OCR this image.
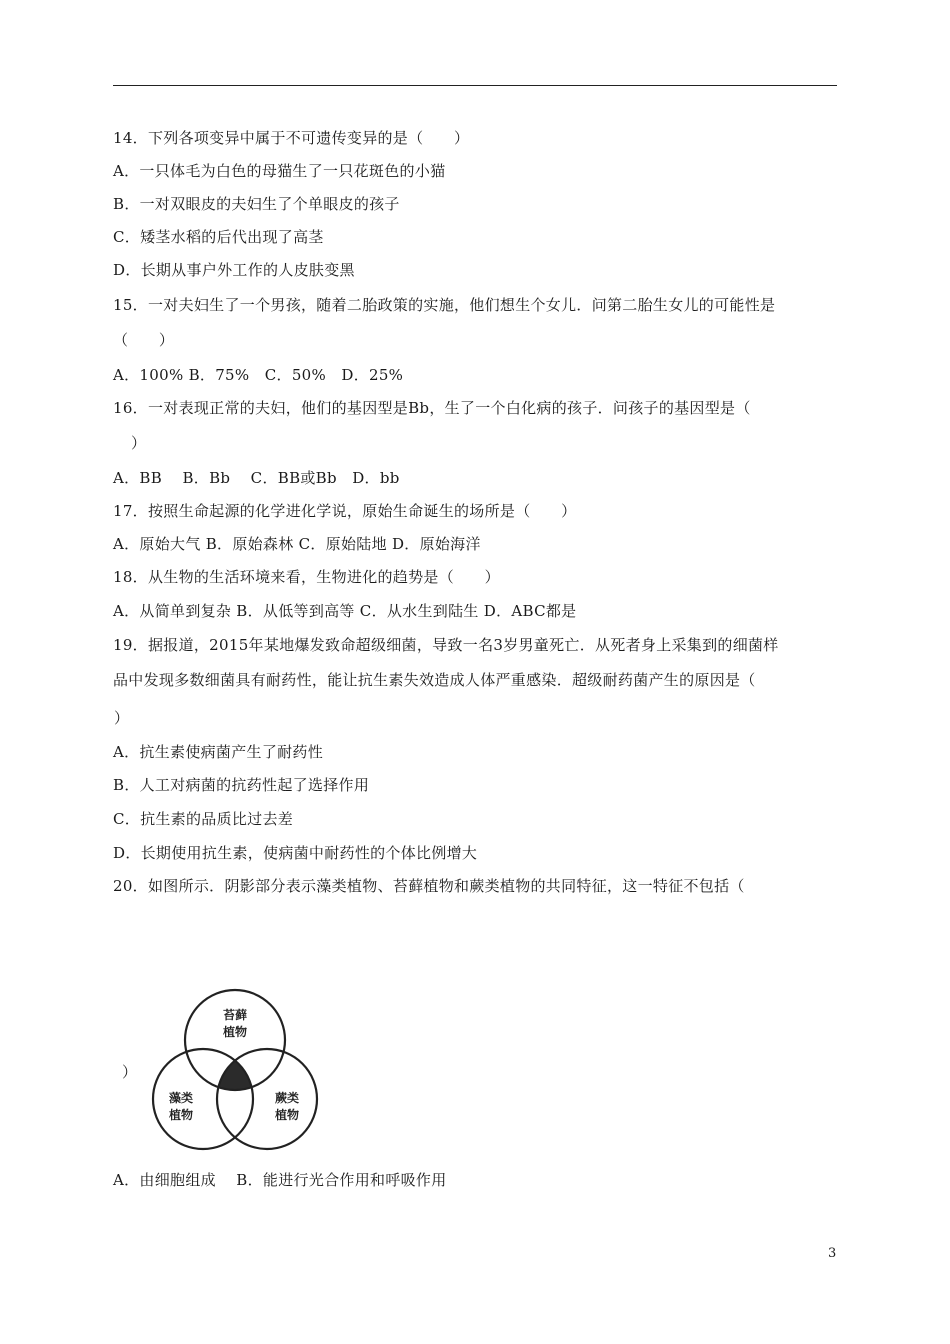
14．下列各项变异中属于不可遗传变异的是（　　）
A．一只体毛为白色的母猫生了一只花斑色的小猫
B．一对双眼皮的夫妇生了个单眼皮的孩子
C．矮茎水稻的后代出现了高茎
D．长期从事户外工作的人皮肤变黑
15．一对夫妇生了一个男孩，随着二胎政策的实施，他们想生个女儿．问第二胎生女儿的可能性是
（　　）
A．100% B．75%　C．50%　D．25%
16．一对表现正常的夫妇，他们的基因型是Bb，生了一个白化病的孩子．问孩子的基因型是（
）
A．BB　 B．Bb　 C．BB或Bb　D．bb
17．按照生命起源的化学进化学说，原始生命诞生的场所是（　　）
A．原始大气 B．原始森林 C．原始陆地 D．原始海洋
18．从生物的生活环境来看，生物进化的趋势是（　　）
A．从简单到复杂 B．从低等到高等 C．从水生到陆生 D．ABC都是
19．据报道，2015年某地爆发致命超级细菌，导致一名3岁男童死亡．从死者身上采集到的细菌样
品中发现多数细菌具有耐药性，能让抗生素失效造成人体严重感染．超级耐药菌产生的原因是（
）
A．抗生素使病菌产生了耐药性
B．人工对病菌的抗药性起了选择作用
C．抗生素的品质比过去差
D．长期使用抗生素，使病菌中耐药性的个体比例增大
20．如图所示．阴影部分表示藻类植物、苔藓植物和蕨类植物的共同特征，这一特征不包括（
）
苔藓
植物
藻类
植物
蕨类
植物
A．由细胞组成　 B．能进行光合作用和呼吸作用
3
